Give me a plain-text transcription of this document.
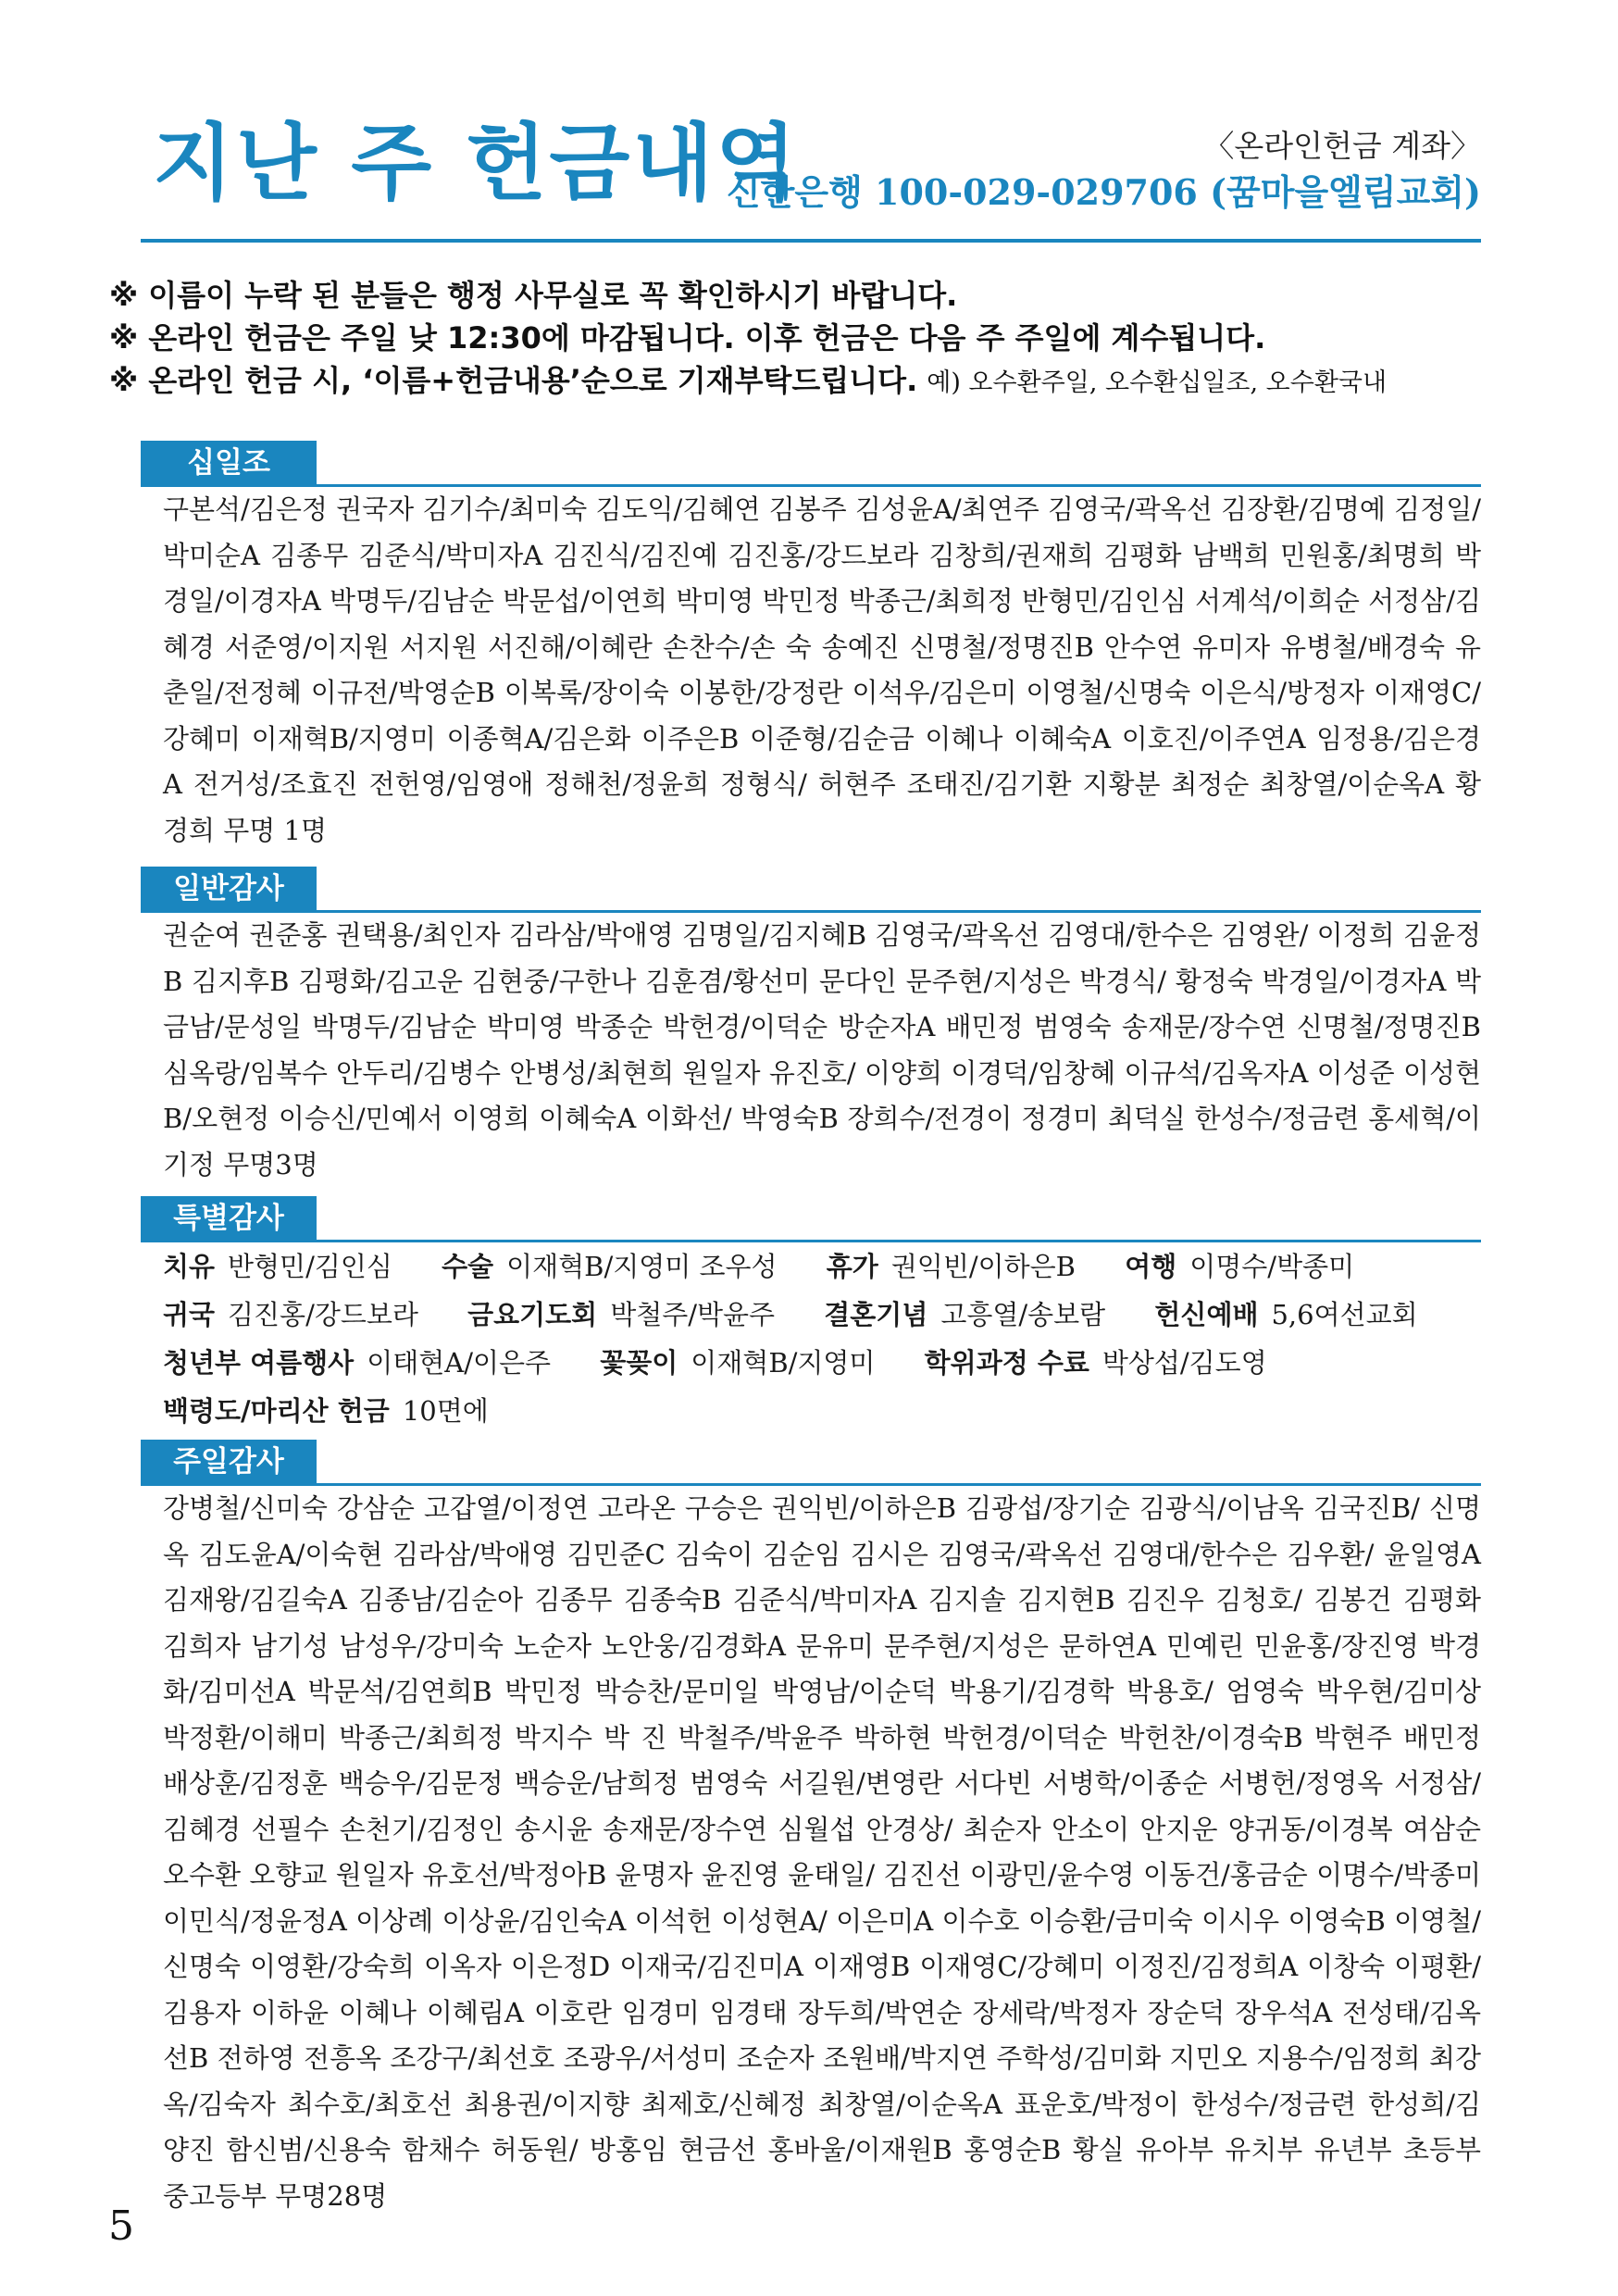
지난 주 헌금내역	〈온라인헌금 계좌〉
신한은행 100-029-029706 (꿈마을엘림교회)
※ 이름이 누락 된 분들은 행정 사무실로 꼭 확인하시기 바랍니다.
※ 온라인 헌금은 주일 낮 12:30에 마감됩니다. 이후 헌금은 다음 주 주일에 계수됩니다.
※ 온라인 헌금 시, ‘이름+헌금내용’순으로 기재부탁드립니다. 예) 오수환주일, 오수환십일조, 오수환국내
십일조

구본석/김은정 권국자 김기수/최미숙 김도익/김혜연 김봉주 김성윤A/최연주 김영국/곽옥선 김장환/김명예 김정일/박미순A 김종무 김준식/박미자A 김진식/김진예 김진홍/강드보라 김창희/권재희 김평화 남백희 민원홍/최명희 박경일/이경자A 박명두/김남순 박문섭/이연희 박미영 박민정 박종근/최희정 반형민/김인심 서계석/이희순 서정삼/김혜경 서준영/이지원 서지원 서진해/이혜란 손찬수/손 숙 송예진 신명철/정명진B 안수연 유미자 유병철/배경숙 유춘일/전정혜 이규전/박영순B 이복록/장이숙 이봉한/강정란 이석우/김은미 이영철/신명숙 이은식/방정자 이재영C/강혜미 이재혁B/지영미 이종혁A/김은화 이주은B 이준형/김순금 이혜나 이혜숙A 이호진/이주연A 임정용/김은경A 전거성/조효진 전헌영/임영애 정해천/정윤희 정형식/ 허현주 조태진/김기환 지황분 최정순 최창열/이순옥A 황경희 무명 1명

일반감사

권순여 권준홍 권택용/최인자 김라삼/박애영 김명일/김지혜B 김영국/곽옥선 김영대/한수은 김영완/ 이정희 김윤정B 김지후B 김평화/김고운 김현중/구한나 김훈겸/황선미 문다인 문주현/지성은 박경식/ 황정숙 박경일/이경자A 박금남/문성일 박명두/김남순 박미영 박종순 박헌경/이덕순 방순자A 배민정 범영숙 송재문/장수연 신명철/정명진B 심옥랑/임복수 안두리/김병수 안병성/최현희 원일자 유진호/ 이양희 이경덕/임창혜 이규석/김옥자A 이성준 이성현B/오현정 이승신/민예서 이영희 이혜숙A 이화선/ 박영숙B 장희수/전경이 정경미 최덕실 한성수/정금련 홍세혁/이기정 무명3명

특별감사
치유 반형민/김인심 수술 이재혁B/지영미 조우성 휴가 권익빈/이하은B 여행 이명수/박종미
귀국 김진홍/강드보라 금요기도회 박철주/박윤주 결혼기념 고흥열/송보람 헌신예배 5,6여선교회
청년부 여름행사 이태현A/이은주 꽃꽂이 이재혁B/지영미 학위과정 수료 박상섭/김도영
백령도/마리산 헌금 10면에
주일감사

강병철/신미숙 강삼순 고갑열/이정연 고라온 구승은 권익빈/이하은B 김광섭/장기순 김광식/이남옥 김국진B/ 신명옥 김도윤A/이숙현 김라삼/박애영 김민준C 김숙이 김순임 김시은 김영국/곽옥선 김영대/한수은 김우환/ 윤일영A 김재왕/김길숙A 김종남/김순아 김종무 김종숙B 김준식/박미자A 김지솔 김지현B 김진우 김청호/ 김봉건 김평화 김희자 남기성 남성우/강미숙 노순자 노안웅/김경화A 문유미 문주현/지성은 문하연A 민예린 민윤홍/장진영 박경화/김미선A 박문석/김연희B 박민정 박승찬/문미일 박영남/이순덕 박용기/김경학 박용호/ 엄영숙 박우현/김미상 박정환/이해미 박종근/최희정 박지수 박 진 박철주/박윤주 박하현 박헌경/이덕순 박헌찬/이경숙B 박현주 배민정 배상훈/김정훈 백승우/김문정 백승운/남희정 범영숙 서길원/변영란 서다빈 서병학/이종순 서병헌/정영옥 서정삼/김혜경 선필수 손천기/김정인 송시윤 송재문/장수연 심월섭 안경상/ 최순자 안소이 안지운 양귀동/이경복 여삼순 오수환 오향교 원일자 유호선/박정아B 윤명자 윤진영 윤태일/ 김진선 이광민/윤수영 이동건/홍금순 이명수/박종미 이민식/정윤정A 이상례 이상윤/김인숙A 이석헌 이성현A/ 이은미A 이수호 이승환/금미숙 이시우 이영숙B 이영철/신명숙 이영환/강숙희 이옥자 이은정D 이재국/김진미A 이재영B 이재영C/강혜미 이정진/김정희A 이창숙 이평환/김용자 이하윤 이혜나 이혜림A 이호란 임경미 임경태 장두희/박연순 장세락/박정자 장순덕 장우석A 전성태/김옥선B 전하영 전흥옥 조강구/최선호 조광우/서성미 조순자 조원배/박지연 주학성/김미화 지민오 지용수/임정희 최강옥/김숙자 최수호/최호선 최용권/이지향 최제호/신혜정 최창열/이순옥A 표운호/박정이 한성수/정금련 한성희/김양진 함신범/신용숙 함채수 허동원/ 방홍임 현금선 홍바울/이재원B 홍영순B 황실 유아부 유치부 유년부 초등부 중고등부 무명28명

5
